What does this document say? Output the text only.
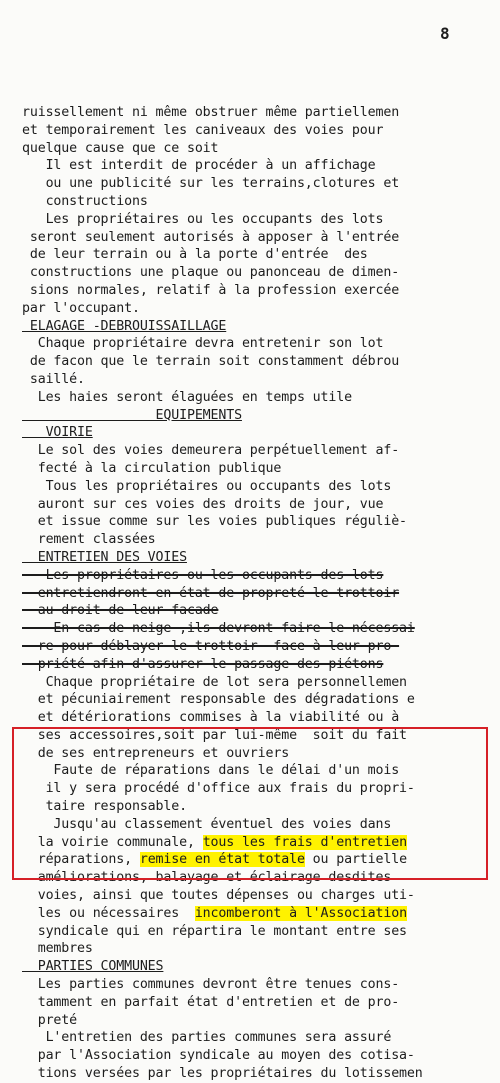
8
ruissellement ni même obstruer même partiellemen
et temporairement les caniveaux des voies pour
quelque cause que ce soit
Il est interdit de procéder à un affichage
ou une publicité sur les terrains,clotures et
constructions
Les propriétaires ou les occupants des lots
seront seulement autorisés à apposer à l'entrée
de leur terrain ou à la porte d'entrée  des
constructions une plaque ou panonceau de dimen-
sions normales, relatif à la profession exercée
par l'occupant.
ELAGAGE -DEBROUISSAILLAGE
Chaque propriétaire devra entretenir son lot
de facon que le terrain soit constamment débrou
saillé.
Les haies seront élaguées en temps utile
EQUIPEMENTS
VOIRIE
Le sol des voies demeurera perpétuellement af-
fecté à la circulation publique
Tous les propriétaires ou occupants des lots
auront sur ces voies des droits de jour, vue
et issue comme sur les voies publiques réguliè-
rement classées
ENTRETIEN DES VOIES
Les propriétaires ou les occupants des lots
entretiendront en état de propreté le trottoir
au droit de leur facade
- En cas de neige ,ils devront faire le nécessai
re pour déblayer le trottoir  face à leur pro-
priété afin d'assurer le passage des piétons
Chaque propriétaire de lot sera personnellemen
et pécuniairement responsable des dégradations e
et détériorations commises à la viabilité ou à
ses accessoires,soit par lui-même  soit du fait
de ses entrepreneurs et ouvriers
Faute de réparations dans le délai d'un mois
il y sera procédé d'office aux frais du propri-
taire responsable.
Jusqu'au classement éventuel des voies dans
la voirie communale, tous les frais d'entretien
réparations, remise en état totale ou partielle
améliorations, balayage et éclairage desdites
voies, ainsi que toutes dépenses ou charges uti-
les ou nécessaires  incomberont à l'Association
syndicale qui en répartira le montant entre ses
membres
PARTIES COMMUNES
Les parties communes devront être tenues cons-
tamment en parfait état d'entretien et de pro-
preté
L'entretien des parties communes sera assuré
par l'Association syndicale au moyen des cotisa-
tions versées par les propriétaires du lotissemen
